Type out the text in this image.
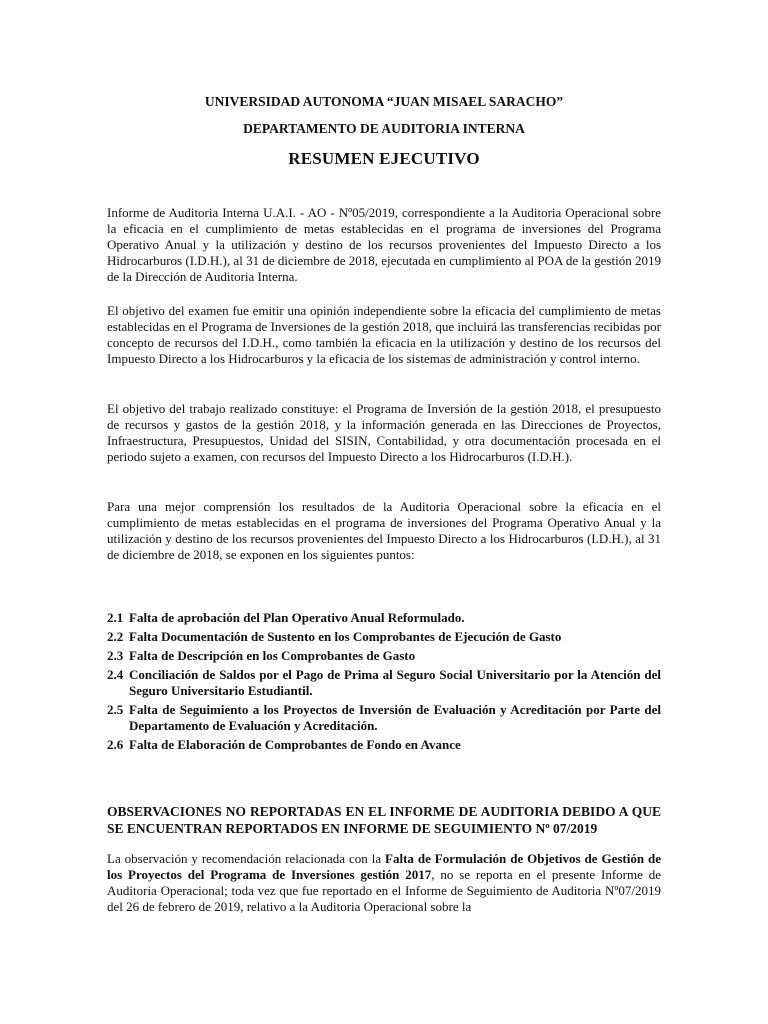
UNIVERSIDAD AUTONOMA “JUAN MISAEL SARACHO”
DEPARTAMENTO DE AUDITORIA INTERNA
RESUMEN EJECUTIVO

Informe de Auditoria Interna U.A.I. - AO - Nº05/2019, correspondiente a la Auditoria Operacional sobre la eficacia en el cumplimiento de metas establecidas en el programa de inversiones del Programa Operativo Anual y la utilización y destino de los recursos provenientes del Impuesto Directo a los Hidrocarburos (I.D.H.), al 31 de diciembre de 2018, ejecutada en cumplimiento al POA de la gestión 2019 de la Dirección de Auditoria Interna.

El objetivo del examen fue emitir una opinión independiente sobre la eficacia del cumplimiento de metas establecidas en el Programa de Inversiones de la gestión 2018, que incluirá las transferencias recibidas por concepto de recursos del I.D.H., como también la eficacia en la utilización y destino de los recursos del Impuesto Directo a los Hidrocarburos y la eficacia de los sistemas de administración y control interno.

El objetivo del trabajo realizado constituye: el Programa de Inversión de la gestión 2018, el presupuesto de recursos y gastos de la gestión 2018, y la información generada en las Direcciones de Proyectos, Infraestructura, Presupuestos, Unidad del SISIN, Contabilidad, y otra documentación procesada en el periodo sujeto a examen, con recursos del Impuesto Directo a los Hidrocarburos (I.D.H.).

Para una mejor comprensión los resultados de la Auditoria Operacional sobre la eficacia en el cumplimiento de metas establecidas en el programa de inversiones del Programa Operativo Anual y la utilización y destino de los recursos provenientes del Impuesto Directo a los Hidrocarburos (I.D.H.), al 31 de diciembre de 2018, se exponen en los siguientes puntos:

2.1 Falta de aprobación del Plan Operativo Anual Reformulado.
2.2 Falta Documentación de Sustento en los Comprobantes de Ejecución de Gasto
2.3 Falta de Descripción en los Comprobantes de Gasto
2.4 Conciliación de Saldos por el Pago de Prima al Seguro Social Universitario por la Atención del Seguro Universitario Estudiantil.
2.5 Falta de Seguimiento a los Proyectos de Inversión de Evaluación y Acreditación por Parte del Departamento de Evaluación y Acreditación.
2.6 Falta de Elaboración de Comprobantes de Fondo en Avance

OBSERVACIONES NO REPORTADAS EN EL INFORME DE AUDITORIA DEBIDO A QUE SE ENCUENTRAN REPORTADOS EN INFORME DE SEGUIMIENTO Nº 07/2019

La observación y recomendación relacionada con la Falta de Formulación de Objetivos de Gestión de los Proyectos del Programa de Inversiones gestión 2017, no se reporta en el presente Informe de Auditoria Operacional; toda vez que fue reportado en el Informe de Seguimiento de Auditoria Nº07/2019 del 26 de febrero de 2019, relativo a la Auditoria Operacional sobre la
